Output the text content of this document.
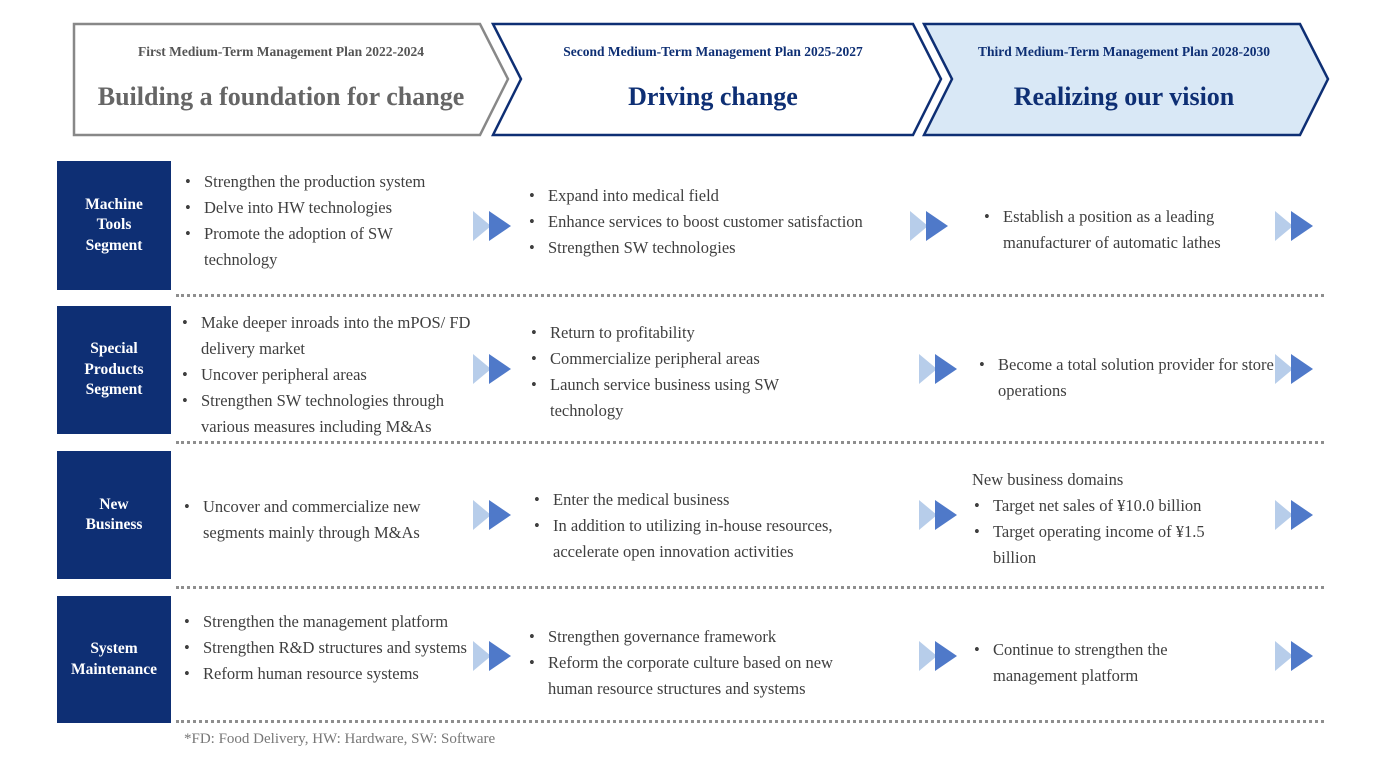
First Medium-Term Management Plan 2022-2024
Building a foundation for change
Second Medium-Term Management Plan 2025-2027
Driving change
Third Medium-Term Management Plan 2028-2030
Realizing our vision
Machine
Tools
Segment
• Strengthen the production system
• Delve into HW technologies
• Promote the adoption of SW technology
• Expand into medical field
• Enhance services to boost customer satisfaction
• Strengthen SW technologies
• Establish a position as a leading manufacturer of automatic lathes
Special
Products
Segment
• Make deeper inroads into the mPOS/ FD delivery market
• Uncover peripheral areas
• Strengthen SW technologies through various measures including M&As
• Return to profitability
• Commercialize peripheral areas
• Launch service business using SW technology
• Become a total solution provider for store operations
New
Business
• Uncover and commercialize new segments mainly through M&As
• Enter the medical business
• In addition to utilizing in-house resources, accelerate open innovation activities
New business domains
• Target net sales of ¥10.0 billion
• Target operating income of ¥1.5 billion
System
Maintenance
• Strengthen the management platform
• Strengthen R&D structures and systems
• Reform human resource systems
• Strengthen governance framework
• Reform the corporate culture based on new human resource structures and systems
• Continue to strengthen the management platform
*FD: Food Delivery, HW: Hardware, SW: Software
